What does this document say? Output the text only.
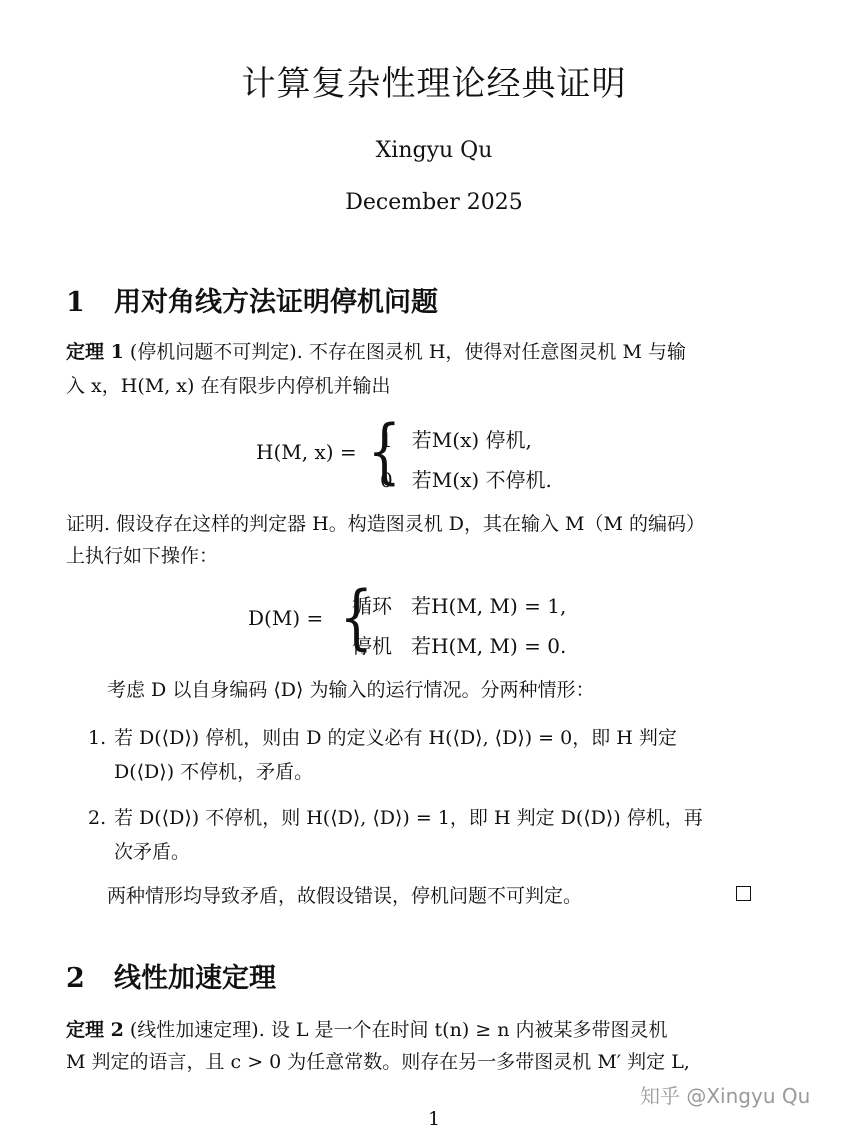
计算复杂性理论经典证明
Xingyu Qu
December 2025
1 用对角线方法证明停机问题
定理 1 (停机问题不可判定). 不存在图灵机 H，使得对任意图灵机 M 与输
入 x，H(M, x) 在有限步内停机并输出
H(M, x) = {
1   若M(x) 停机,
0   若M(x) 不停机.
证明. 假设存在这样的判定器 H。构造图灵机 D，其在输入 M（M 的编码）
上执行如下操作：
D(M) = {
循环   若H(M, M) = 1,
停机   若H(M, M) = 0.
考虑 D 以自身编码 ⟨D⟩ 为输入的运行情况。分两种情形：
1. 若 D(⟨D⟩) 停机，则由 D 的定义必有 H(⟨D⟩, ⟨D⟩) = 0，即 H 判定
D(⟨D⟩) 不停机，矛盾。
2. 若 D(⟨D⟩) 不停机，则 H(⟨D⟩, ⟨D⟩) = 1，即 H 判定 D(⟨D⟩) 停机，再
次矛盾。
两种情形均导致矛盾，故假设错误，停机问题不可判定。
2 线性加速定理
定理 2 (线性加速定理). 设 L 是一个在时间 t(n) ≥ n 内被某多带图灵机
M 判定的语言，且 c > 0 为任意常数。则存在另一多带图灵机 M′ 判定 L,
知乎 @Xingyu Qu
1
